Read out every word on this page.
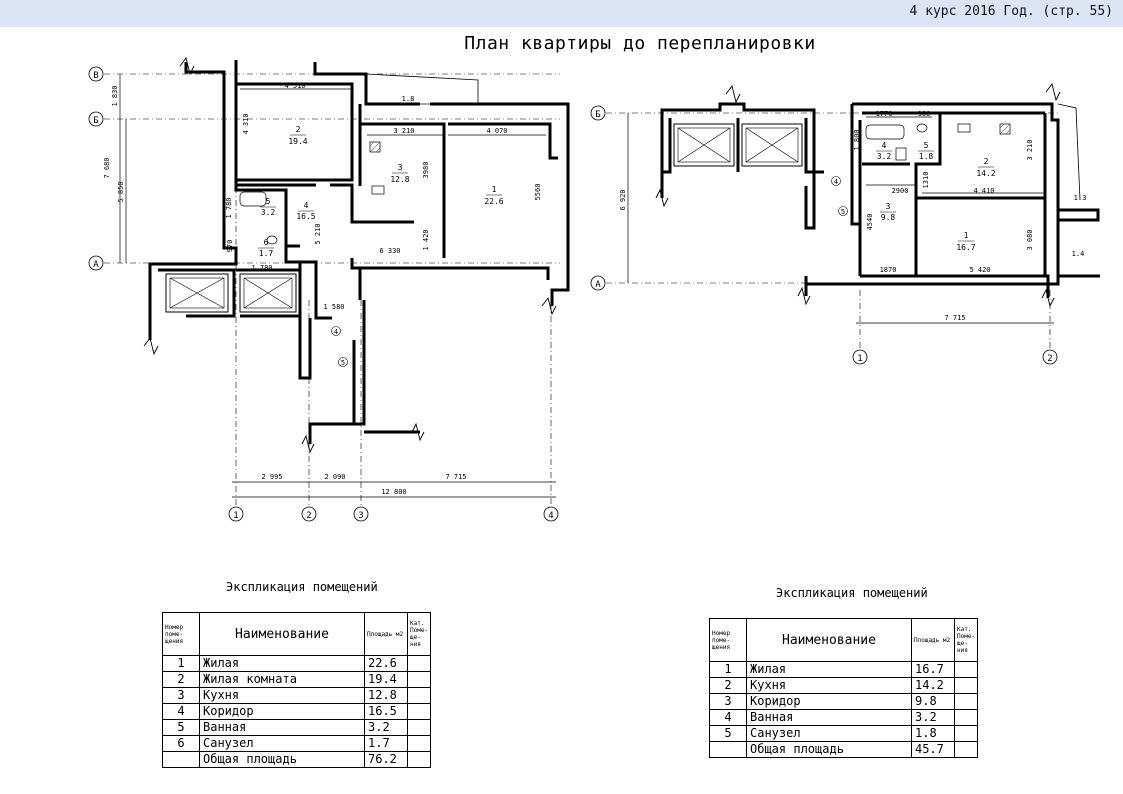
4 курс 2016 Год. (стр. 55)
План квартиры до перепланировки
В
Б
А
1	2	3	4
4
5
2
19.4
3
12.8
1
22.6
4
16.5
5
3.2
6
1.7
4 510
1.8
3 210	4 070
4 310
3980
5560
1 830
7 680
5 850
1 780
5 210	1 420
6 330
970
1 780
1 580
2 995	2 090	7 715
12 800
Б
А
1	2
4
5
2
14.2
1
16.7
3
9.8
4
3.2
5
1.8
1770	980
1 800	3 210
1310
2900	4 410
4540
3 080
1870	5 420
6 920
7 715
1.3
1.4
Экспликация помещений
Номер поме- щения	Наименование	Площадь м2	Кат. Поме- ще- ния
1	Жилая	22.6	
2	Жилая комната	19.4	
3	Кухня	12.8	
4	Коридор	16.5	
5	Ванная	3.2	
6	Санузел	1.7	
	Общая площадь	76.2	
Экспликация помещений
Номер поме- щения	Наименование	Площадь м2	Кат. Поме- ще- ния
1	Жилая	16.7	
2	Кухня	14.2	
3	Коридор	9.8	
4	Ванная	3.2	
5	Санузел	1.8	
	Общая площадь	45.7	
